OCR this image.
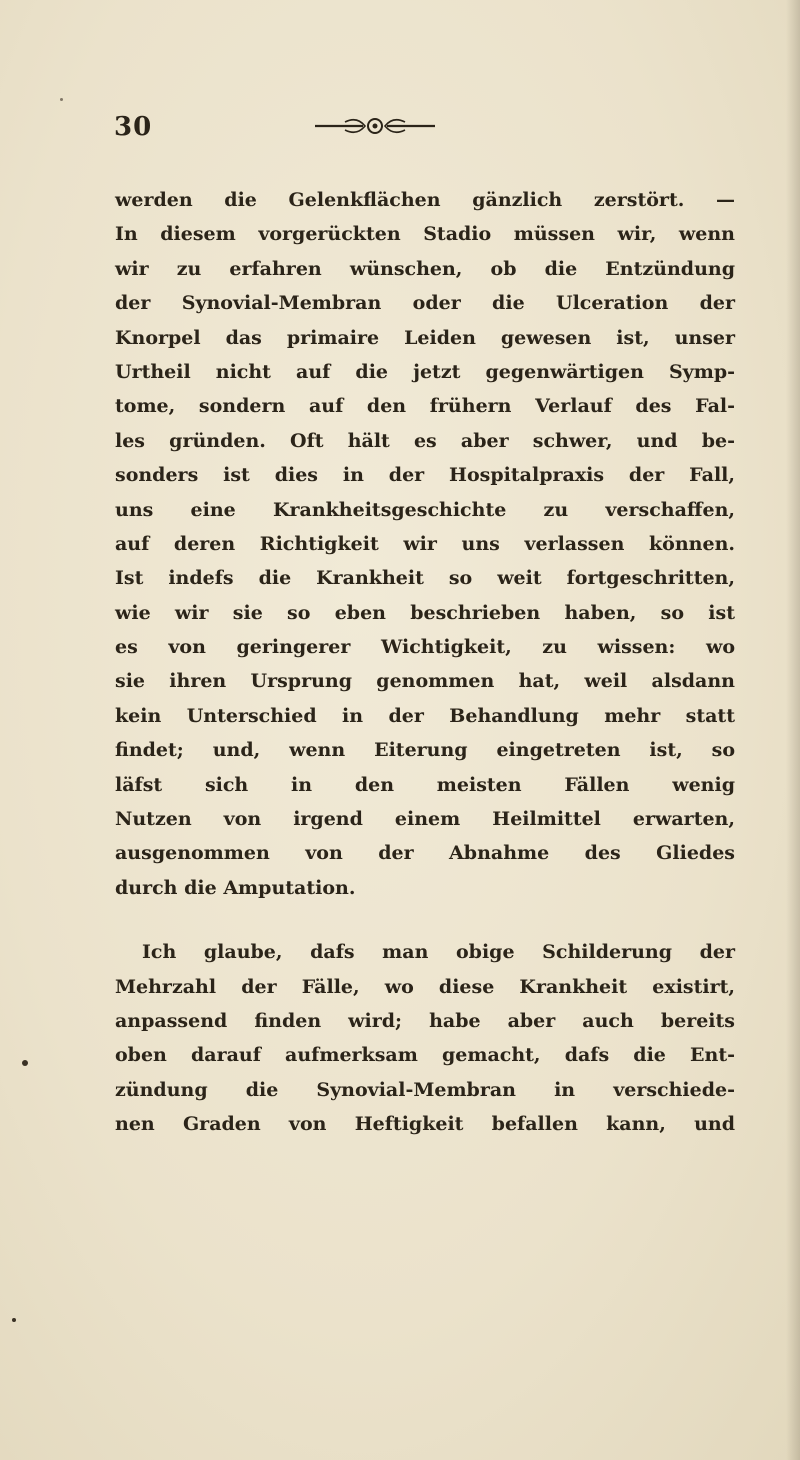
30
werden die Gelenkflächen gänzlich zerstört. —
In diesem vorgerückten Stadio müssen wir, wenn
wir zu erfahren wünschen, ob die Entzündung
der Synovial-Membran oder die Ulceration der
Knorpel das primaire Leiden gewesen ist, unser
Urtheil nicht auf die jetzt gegenwärtigen Symp-
tome, sondern auf den frühern Verlauf des Fal-
les gründen. Oft hält es aber schwer, und be-
sonders ist dies in der Hospitalpraxis der Fall,
uns eine Krankheitsgeschichte zu verschaffen,
auf deren Richtigkeit wir uns verlassen können.
Ist indefs die Krankheit so weit fortgeschritten,
wie wir sie so eben beschrieben haben, so ist
es von geringerer Wichtigkeit, zu wissen: wo
sie ihren Ursprung genommen hat, weil alsdann
kein Unterschied in der Behandlung mehr statt
findet; und, wenn Eiterung eingetreten ist, so
läfst sich in den meisten Fällen wenig
Nutzen von irgend einem Heilmittel erwarten,
ausgenommen von der Abnahme des Gliedes
durch die Amputation.
Ich glaube, dafs man obige Schilderung der
Mehrzahl der Fälle, wo diese Krankheit existirt,
anpassend finden wird; habe aber auch bereits
oben darauf aufmerksam gemacht, dafs die Ent-
zündung die Synovial-Membran in verschiede-
nen Graden von Heftigkeit befallen kann, und
